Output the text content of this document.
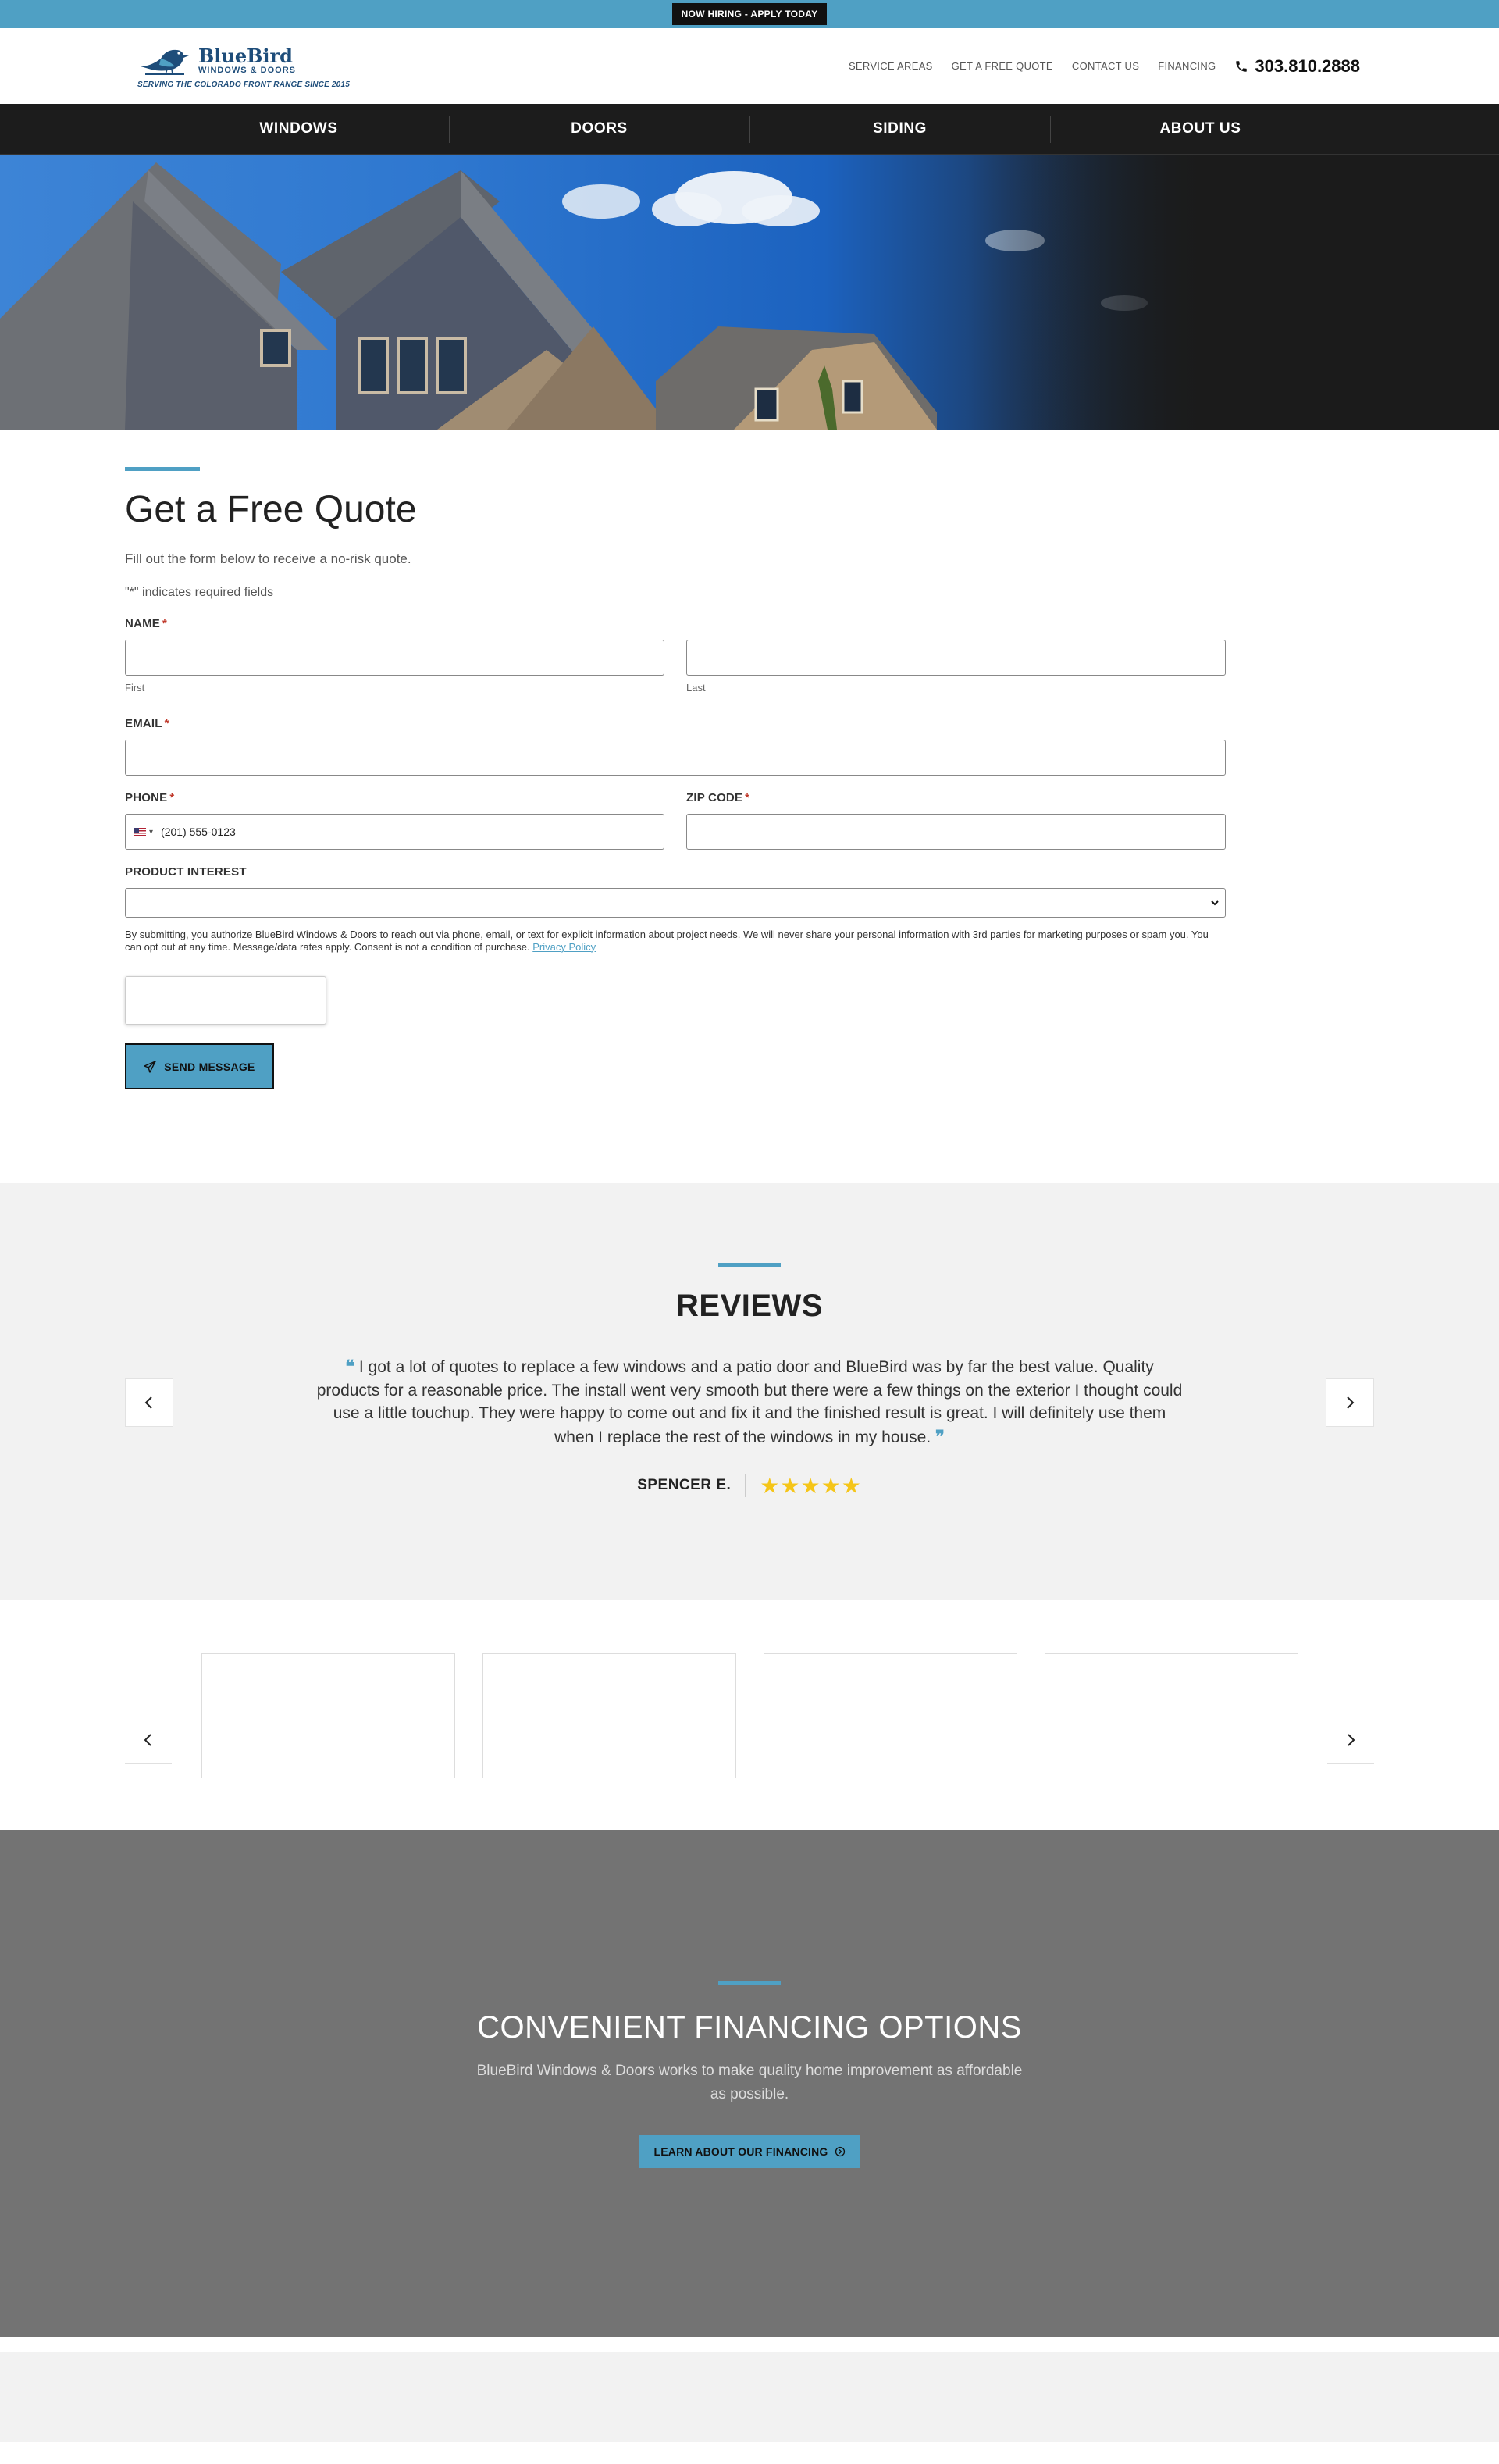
NOW HIRING - APPLY TODAY
BlueBird
WINDOWS & DOORS
SERVING THE COLORADO FRONT RANGE SINCE 2015
SERVICE AREAS GET A FREE QUOTE CONTACT US FINANCING 303.810.2888
WINDOWS	DOORS	SIDING	ABOUT US
Get a Free Quote

Fill out the form below to receive a no-risk quote.

"*" indicates required fields

NAME *
First	Last
EMAIL *
PHONE *
▾ (201) 555-0123
ZIP CODE *
PRODUCT INTEREST

By submitting, you authorize BlueBird Windows & Doors to reach out via phone, email, or text for explicit information about project needs. We will never share your personal information with 3rd parties for marketing purposes or spam you. You can opt out at any time. Message/data rates apply. Consent is not a condition of purchase. Privacy Policy

SEND MESSAGE
REVIEWS

❝ I got a lot of quotes to replace a few windows and a patio door and BlueBird was by far the best value. Quality products for a reasonable price. The install went very smooth but there were a few things on the exterior I thought could use a little touchup. They were happy to come out and fix it and the finished result is great. I will definitely use them when I replace the rest of the windows in my house. ❞

SPENCER E. ★★★★★
CONVENIENT FINANCING OPTIONS

BlueBird Windows & Doors works to make quality home improvement as affordable as possible.

LEARN ABOUT OUR FINANCING
